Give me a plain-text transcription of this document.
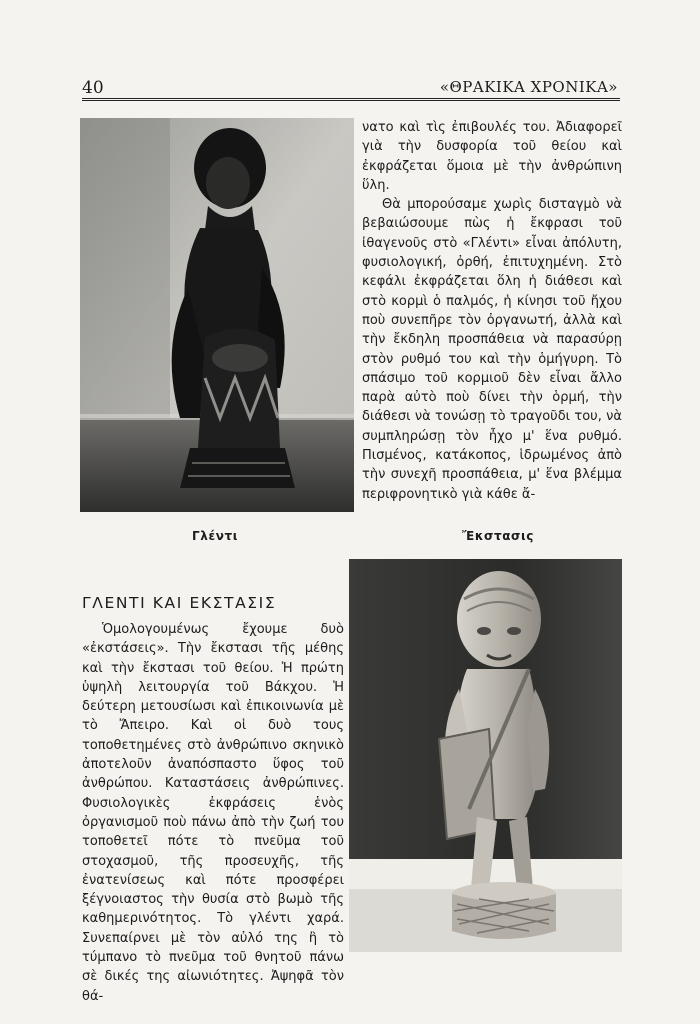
40	«ΘΡΑΚΙΚΑ ΧΡΟΝΙΚΑ»

νατο καὶ τὶς ἐπιβουλές του. Ἀδιαφορεῖ γιὰ τὴν δυσφορία τοῦ θείου καὶ ἐκφράζεται ὅμοια μὲ τὴν ἀνθρώπινη ὕλη.

Θὰ μπορούσαμε χωρὶς δισταγμὸ νὰ βεβαιώσουμε πὼς ἡ ἔκφρασι τοῦ ἰθαγενοῦς στὸ «Γλέντι» εἶναι ἀπόλυτη, φυσιολογική, ὀρθή, ἐπιτυχημένη. Στὸ κεφάλι ἐκφράζεται ὅλη ἡ διάθεσι καὶ στὸ κορμὶ ὁ παλμός, ἡ κίνησι τοῦ ἤχου ποὺ συνεπῆρε τὸν ὀργανωτή, ἀλλὰ καὶ τὴν ἔκδηλη προσπάθεια νὰ παρασύρῃ στὸν ρυθμό του καὶ τὴν ὁμήγυρη. Τὸ σπάσιμο τοῦ κορμιοῦ δὲν εἶναι ἄλλο παρὰ αὐτὸ ποὺ δίνει τὴν ὁρμή, τὴν διάθεσι νὰ τονώσῃ τὸ τραγοῦδι του, νὰ συμπληρώσῃ τὸν ἦχο μ' ἕνα ρυθμό. Πισμένος, κατάκοπος, ἱδρωμένος ἀπὸ τὴν συνεχῆ προσπάθεια, μ' ἕνα βλέμμα περιφρονητικὸ γιὰ κάθε ἄ-

Γλέντι	Ἔκστασις
ΓΛΕΝΤΙ ΚΑΙ ΕΚΣΤΑΣΙΣ

Ὁμολογουμένως ἔχουμε δυὸ «ἐκστάσεις». Τὴν ἔκστασι τῆς μέθης καὶ τὴν ἔκστασι τοῦ θείου. Ἡ πρώτη ὑψηλὴ λειτουργία τοῦ Βάκχου. Ἡ δεύτερη μετουσίωσι καὶ ἐπικοινωνία μὲ τὸ Ἄπειρο. Καὶ οἱ δυὸ τους τοποθετημένες στὸ ἀνθρώπινο σκηνικὸ ἀποτελοῦν ἀναπόσπαστο ὕφος τοῦ ἀνθρώπου. Καταστάσεις ἀνθρώπινες. Φυσιολογικὲς ἐκφράσεις ἑνὸς ὀργανισμοῦ ποὺ πάνω ἀπὸ τὴν ζωή του τοποθετεῖ πότε τὸ πνεῦμα τοῦ στοχασμοῦ, τῆς προσευχῆς, τῆς ἐνατενίσεως καὶ πότε προσφέρει ξέγνοιαστος τὴν θυσία στὸ βωμὸ τῆς καθημερινότητος. Τὸ γλέντι χαρά. Συνεπαίρνει μὲ τὸν αὐλό της ἢ τὸ τύμπανο τὸ πνεῦμα τοῦ θνητοῦ πάνω σὲ δικές της αἰωνιότητες. Ἀψηφᾶ τὸν θά-
